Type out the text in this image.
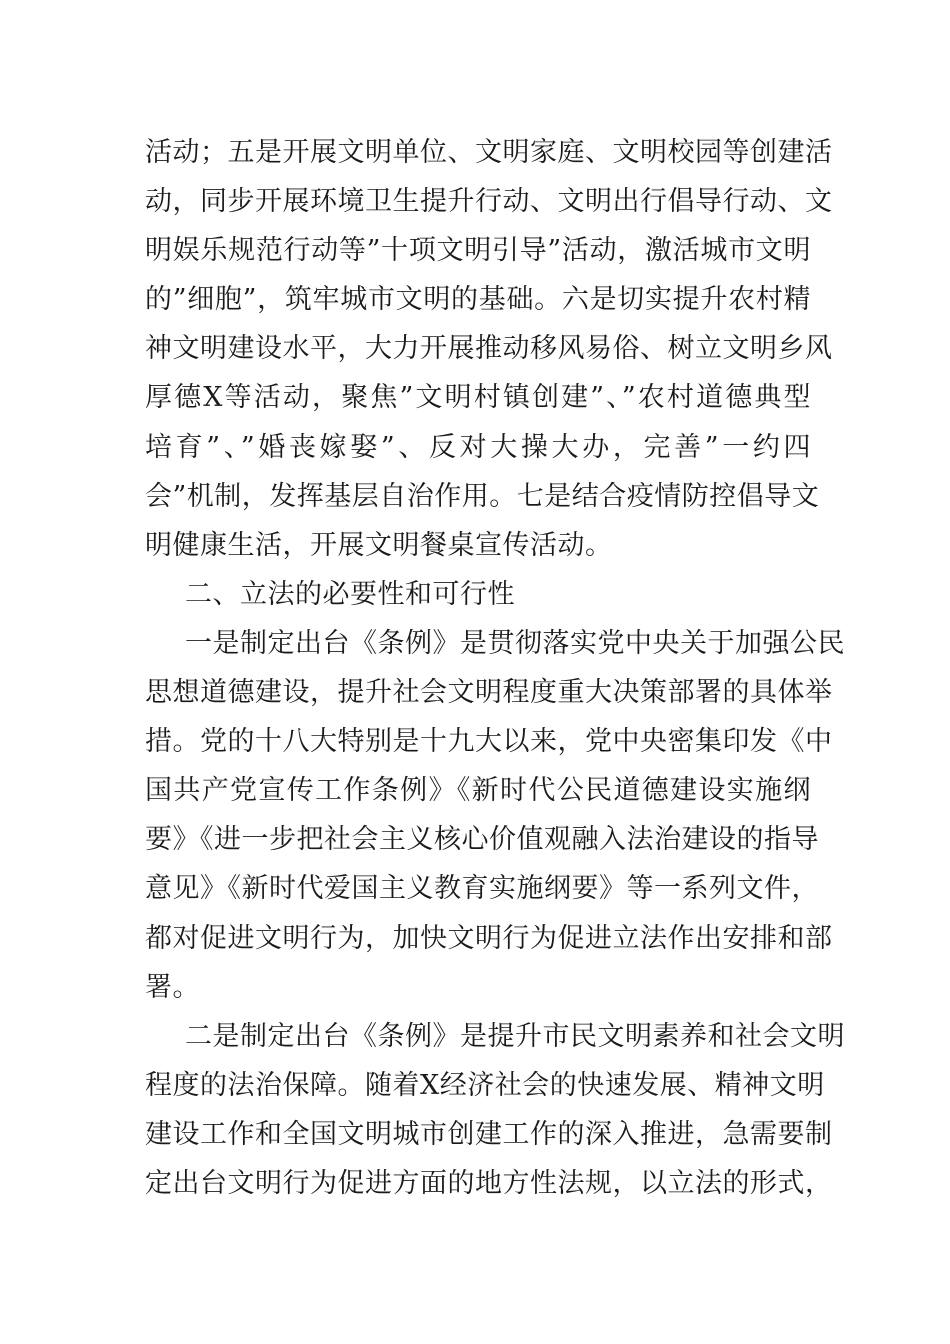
活动；五是开展文明单位、文明家庭、文明校园等创建活
动，同步开展环境卫生提升行动、文明出行倡导行动、文
明娱乐规范行动等”十项文明引导”活动，激活城市文明
的”细胞”，筑牢城市文明的基础。六是切实提升农村精
神文明建设水平，大力开展推动移风易俗、树立文明乡风
厚德X等活动，聚焦”文明村镇创建”、”农村道德典型
培育”、”婚丧嫁娶”、反对大操大办，完善”一约四
会”机制，发挥基层自治作用。七是结合疫情防控倡导文
明健康生活，开展文明餐桌宣传活动。
二、立法的必要性和可行性
一是制定出台《条例》是贯彻落实党中央关于加强公民
思想道德建设，提升社会文明程度重大决策部署的具体举
措。党的十八大特别是十九大以来，党中央密集印发《中
国共产党宣传工作条例》《新时代公民道德建设实施纲
要》《进一步把社会主义核心价值观融入法治建设的指导
意见》《新时代爱国主义教育实施纲要》等一系列文件，
都对促进文明行为，加快文明行为促进立法作出安排和部
署。
二是制定出台《条例》是提升市民文明素养和社会文明
程度的法治保障。随着X经济社会的快速发展、精神文明
建设工作和全国文明城市创建工作的深入推进，急需要制
定出台文明行为促进方面的地方性法规，以立法的形式，
